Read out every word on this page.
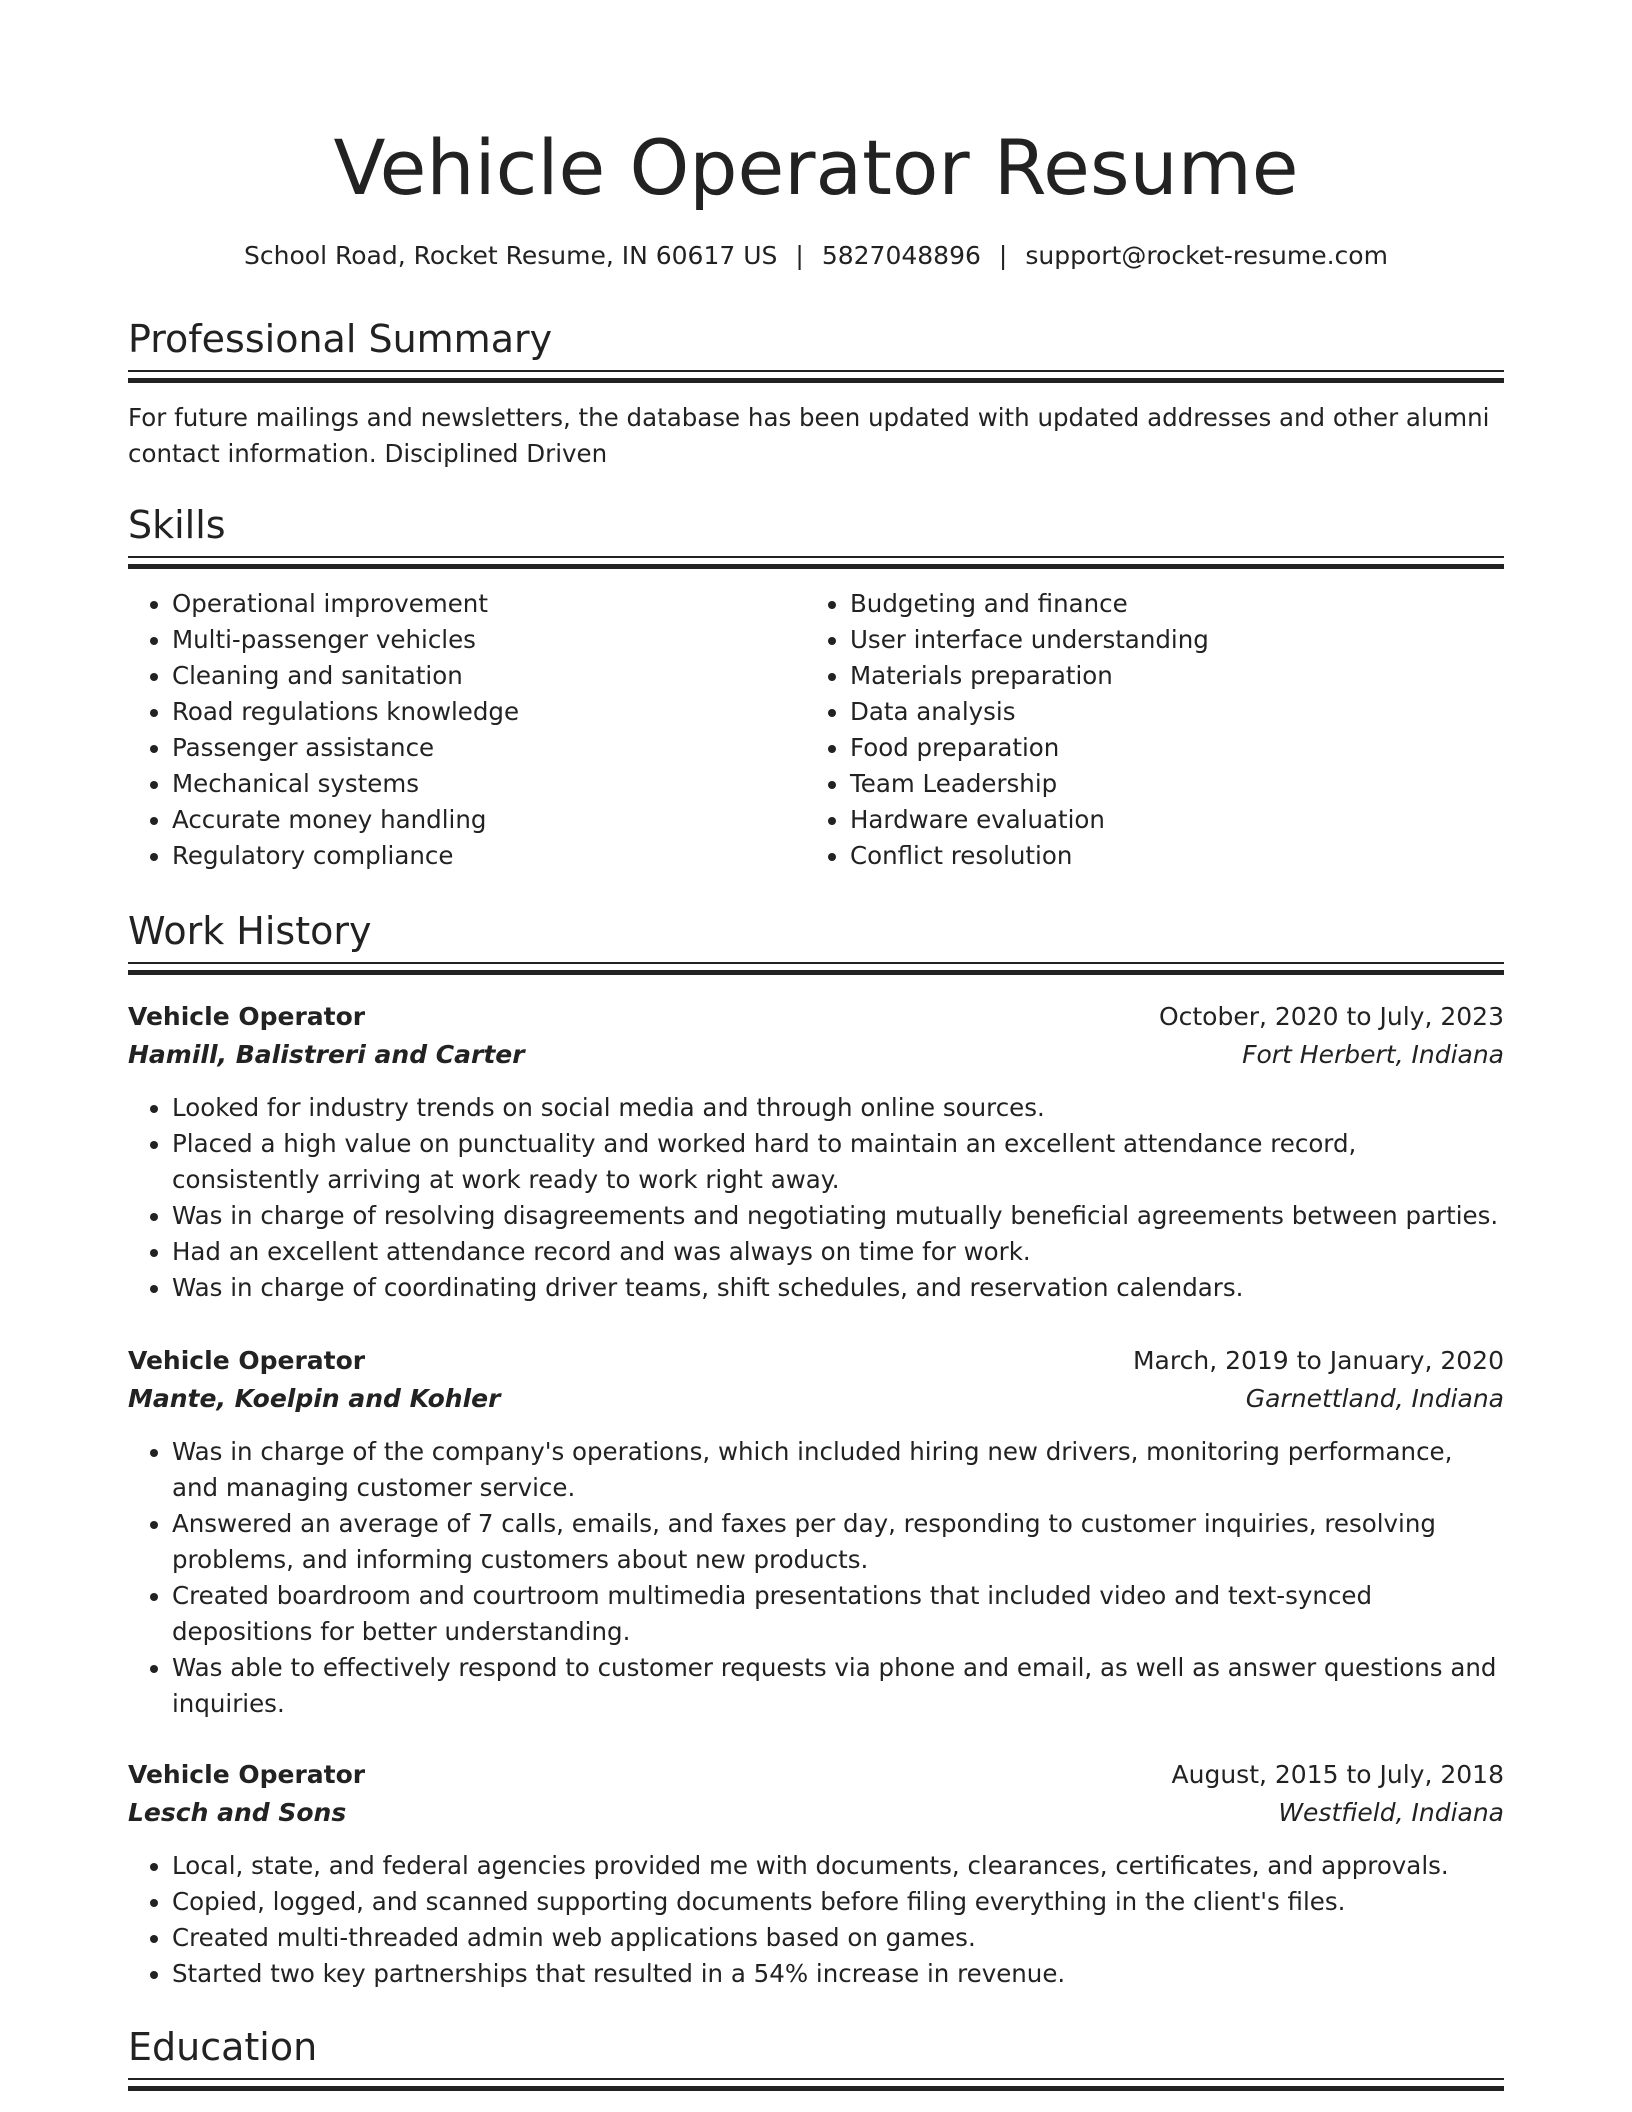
Vehicle Operator Resume
School Road, Rocket Resume, IN 60617 US | 5827048896 | support@rocket-resume.com
Professional Summary

For future mailings and newsletters, the database has been updated with updated addresses and other alumni contact information. Disciplined Driven

Skills
• Operational improvement
• Multi-passenger vehicles
• Cleaning and sanitation
• Road regulations knowledge
• Passenger assistance
• Mechanical systems
• Accurate money handling
• Regulatory compliance
• Budgeting and finance
• User interface understanding
• Materials preparation
• Data analysis
• Food preparation
• Team Leadership
• Hardware evaluation
• Conflict resolution
Work History
Vehicle Operator	October, 2020 to July, 2023
Hamill, Balistreri and Carter	Fort Herbert, Indiana
• Looked for industry trends on social media and through online sources.
• Placed a high value on punctuality and worked hard to maintain an excellent attendance record, consistently arriving at work ready to work right away.
• Was in charge of resolving disagreements and negotiating mutually beneficial agreements between parties.
• Had an excellent attendance record and was always on time for work.
• Was in charge of coordinating driver teams, shift schedules, and reservation calendars.
Vehicle Operator	March, 2019 to January, 2020
Mante, Koelpin and Kohler	Garnettland, Indiana
• Was in charge of the company's operations, which included hiring new drivers, monitoring performance, and managing customer service.
• Answered an average of 7 calls, emails, and faxes per day, responding to customer inquiries, resolving problems, and informing customers about new products.
• Created boardroom and courtroom multimedia presentations that included video and text-synced depositions for better understanding.
• Was able to effectively respond to customer requests via phone and email, as well as answer questions and inquiries.
Vehicle Operator	August, 2015 to July, 2018
Lesch and Sons	Westfield, Indiana
• Local, state, and federal agencies provided me with documents, clearances, certificates, and approvals.
• Copied, logged, and scanned supporting documents before filing everything in the client's files.
• Created multi-threaded admin web applications based on games.
• Started two key partnerships that resulted in a 54% increase in revenue.
Education
